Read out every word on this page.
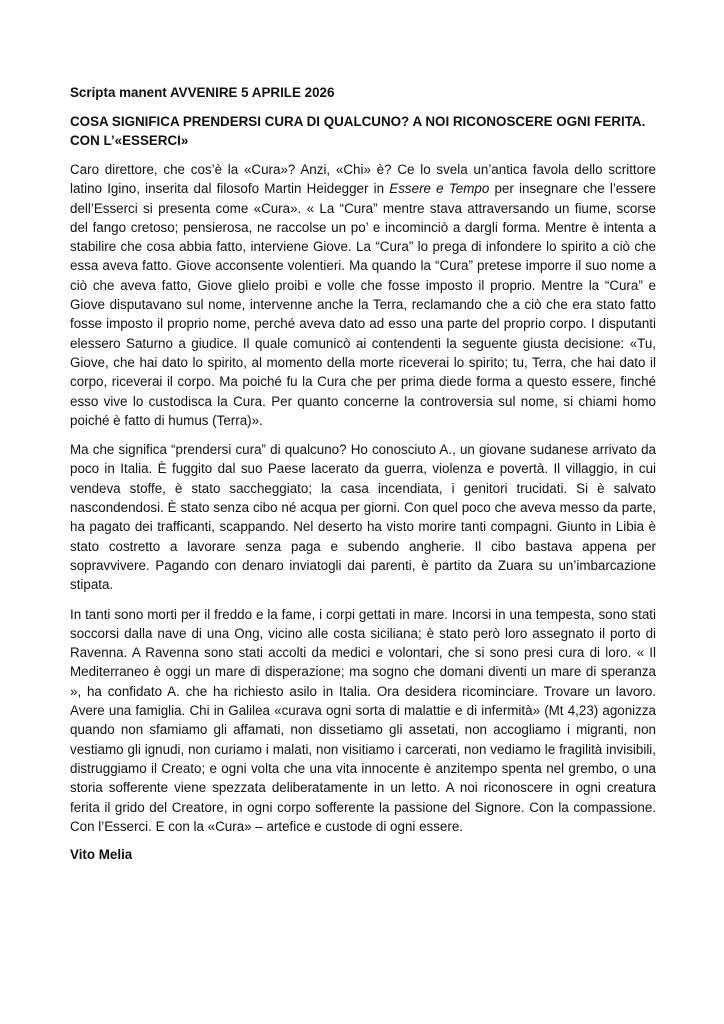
Scripta manent AVVENIRE 5 APRILE 2026
COSA SIGNIFICA PRENDERSI CURA DI QUALCUNO? A NOI RICONOSCERE OGNI FERITA. CON L’«ESSERCI»

Caro direttore, che cos’è la «Cura»? Anzi, «Chi» è? Ce lo svela un’antica favola dello scrittore latino Igino, inserita dal filosofo Martin Heidegger in Essere e Tempo per insegnare che l’essere dell’Esserci si presenta come «Cura». « La “Cura” mentre stava attraversando un fiume, scorse del fango cretoso; pensierosa, ne raccolse un po’ e incominciò a dargli forma. Mentre è intenta a stabilire che cosa abbia fatto, interviene Giove. La “Cura” lo prega di infondere lo spirito a ciò che essa aveva fatto. Giove acconsente volentieri. Ma quando la “Cura” pretese imporre il suo nome a ciò che aveva fatto, Giove glielo proibì e volle che fosse imposto il proprio. Mentre la “Cura” e Giove disputavano sul nome, intervenne anche la Terra, reclamando che a ciò che era stato fatto fosse imposto il proprio nome, perché aveva dato ad esso una parte del proprio corpo. I disputanti elessero Saturno a giudice. Il quale comunicò ai contendenti la seguente giusta decisione: «Tu, Giove, che hai dato lo spirito, al momento della morte riceverai lo spirito; tu, Terra, che hai dato il corpo, riceverai il corpo. Ma poiché fu la Cura che per prima diede forma a questo essere, finché esso vive lo custodisca la Cura. Per quanto concerne la controversia sul nome, si chiami homo poiché è fatto di humus (Terra)».

Ma che significa “prendersi cura” di qualcuno? Ho conosciuto A., un giovane sudanese arrivato da poco in Italia. È fuggito dal suo Paese lacerato da guerra, violenza e povertà. Il villaggio, in cui vendeva stoffe, è stato saccheggiato; la casa incendiata, i genitori trucidati. Si è salvato nascondendosi. È stato senza cibo né acqua per giorni. Con quel poco che aveva messo da parte, ha pagato dei trafficanti, scappando. Nel deserto ha visto morire tanti compagni. Giunto in Libia è stato costretto a lavorare senza paga e subendo angherie. Il cibo bastava appena per sopravvivere. Pagando con denaro inviatogli dai parenti, è partito da Zuara su un’imbarcazione stipata.

In tanti sono morti per il freddo e la fame, i corpi gettati in mare. Incorsi in una tempesta, sono stati soccorsi dalla nave di una Ong, vicino alle costa siciliana; è stato però loro assegnato il porto di Ravenna. A Ravenna sono stati accolti da medici e volontari, che si sono presi cura di loro. « Il Mediterraneo è oggi un mare di disperazione; ma sogno che domani diventi un mare di speranza », ha confidato A. che ha richiesto asilo in Italia. Ora desidera ricominciare. Trovare un lavoro. Avere una famiglia. Chi in Galilea «curava ogni sorta di malattie e di infermità» (Mt 4,23) agonizza quando non sfamiamo gli affamati, non dissetiamo gli assetati, non accogliamo i migranti, non vestiamo gli ignudi, non curiamo i malati, non visitiamo i carcerati, non vediamo le fragilità invisibili, distruggiamo il Creato; e ogni volta che una vita innocente è anzitempo spenta nel grembo, o una storia sofferente viene spezzata deliberatamente in un letto. A noi riconoscere in ogni creatura ferita il grido del Creatore, in ogni corpo sofferente la passione del Signore. Con la compassione. Con l’Esserci. E con la «Cura» – artefice e custode di ogni essere.

Vito Melia
